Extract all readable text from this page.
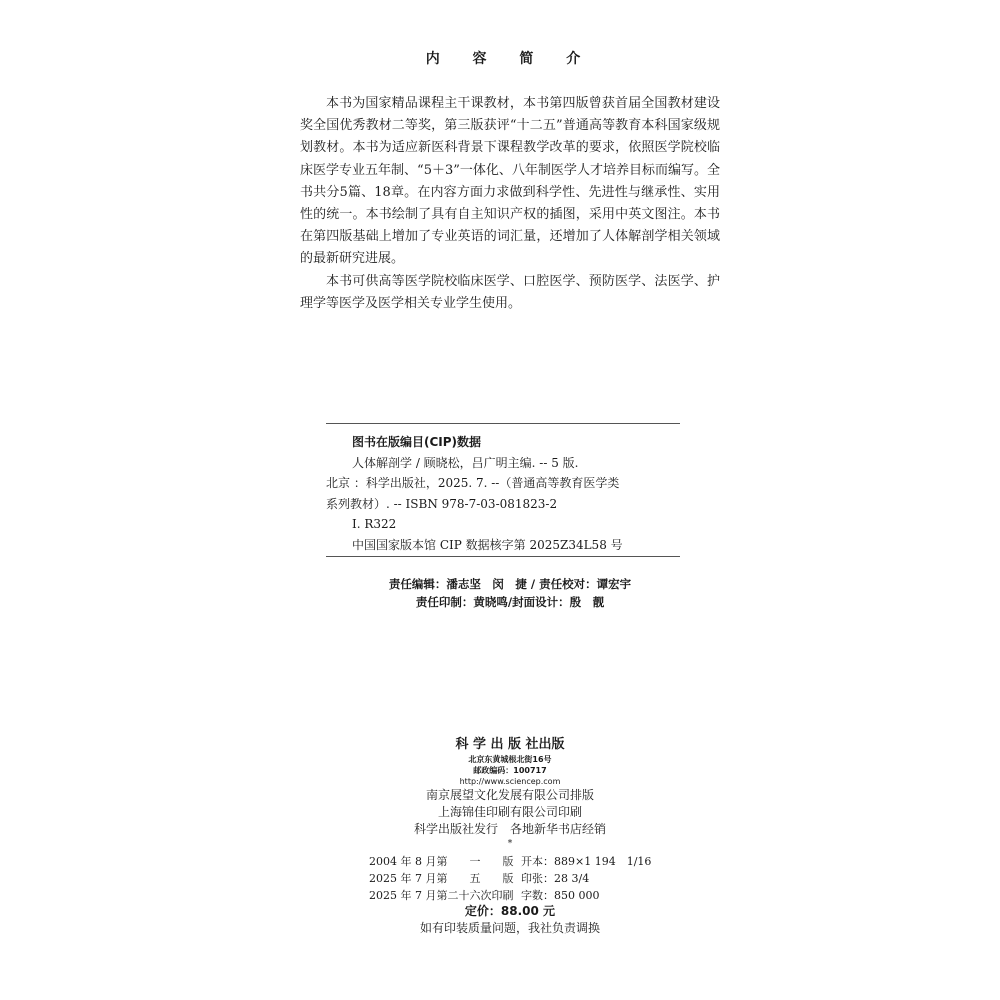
内 容 简 介

本书为国家精品课程主干课教材，本书第四版曾获首届全国教材建设奖全国优秀教材二等奖，第三版获评“十二五”普通高等教育本科国家级规划教材。本书为适应新医科背景下课程教学改革的要求，依照医学院校临床医学专业五年制、“5＋3”一体化、八年制医学人才培养目标而编写。全书共分5篇、18章。在内容方面力求做到科学性、先进性与继承性、实用性的统一。本书绘制了具有自主知识产权的插图，采用中英文图注。本书在第四版基础上增加了专业英语的词汇量，还增加了人体解剖学相关领域的最新研究进展。

本书可供高等医学院校临床医学、口腔医学、预防医学、法医学、护理学等医学及医学相关专业学生使用。

图书在版编目(CIP)数据
人体解剖学 / 顾晓松，吕广明主编. -- 5 版.
北京 ：科学出版社，2025. 7. --（普通高等教育医学类
系列教材）. -- ISBN 978-7-03-081823-2
Ⅰ. R322
中国国家版本馆 CIP 数据核字第 2025Z34L58 号
责任编辑：潘志坚　闵　捷 / 责任校对：谭宏宇
责任印制：黄晓鸣/封面设计：殷　靓
科 学 出 版 社出版
北京东黄城根北街16号
邮政编码：100717
http://www.sciencep.com
南京展望文化发展有限公司排版
上海锦佳印刷有限公司印刷
科学出版社发行　各地新华书店经销
*
2004 年 8 月第　　一　　版 开本：889×1 194　1/16
2025 年 7 月第　　五　　版 印张：28 3/4
2025 年 7 月第二十六次印刷 字数：850 000
定价：88.00 元
如有印装质量问题，我社负责调换
